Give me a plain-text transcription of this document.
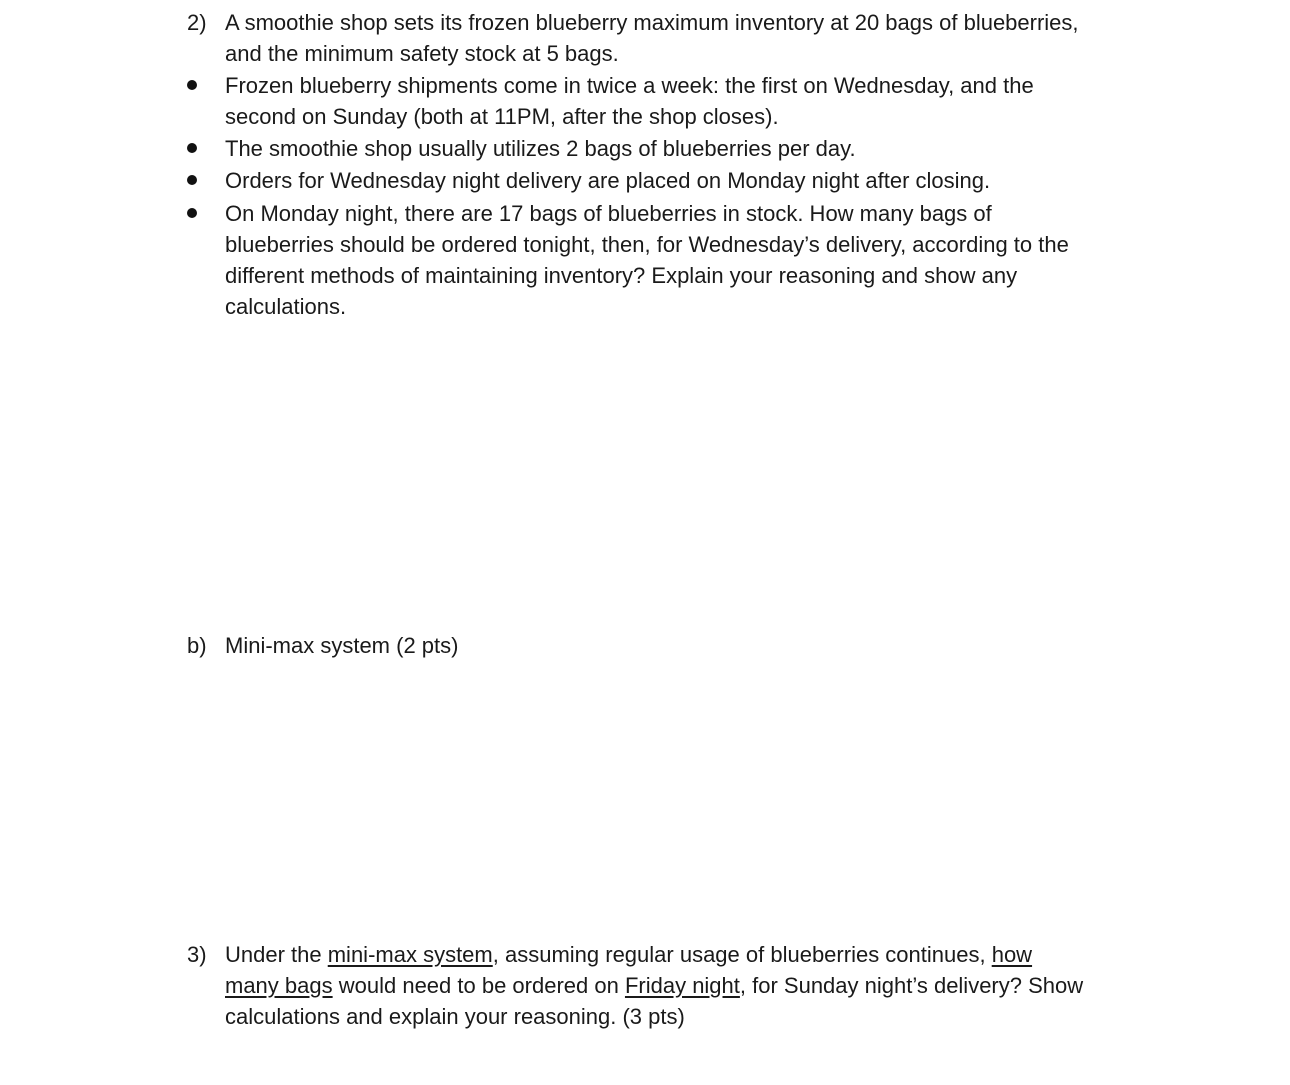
2) A smoothie shop sets its frozen blueberry maximum inventory at 20 bags of blueberries,
and the minimum safety stock at 5 bags.
Frozen blueberry shipments come in twice a week: the first on Wednesday, and the
second on Sunday (both at 11PM, after the shop closes).
The smoothie shop usually utilizes 2 bags of blueberries per day.
Orders for Wednesday night delivery are placed on Monday night after closing.
On Monday night, there are 17 bags of blueberries in stock. How many bags of
blueberries should be ordered tonight, then, for Wednesday’s delivery, according to the
different methods of maintaining inventory? Explain your reasoning and show any
calculations.
b) Mini-max system (2 pts)
3) Under the mini-max system, assuming regular usage of blueberries continues, how
many bags would need to be ordered on Friday night, for Sunday night’s delivery? Show
calculations and explain your reasoning. (3 pts)
